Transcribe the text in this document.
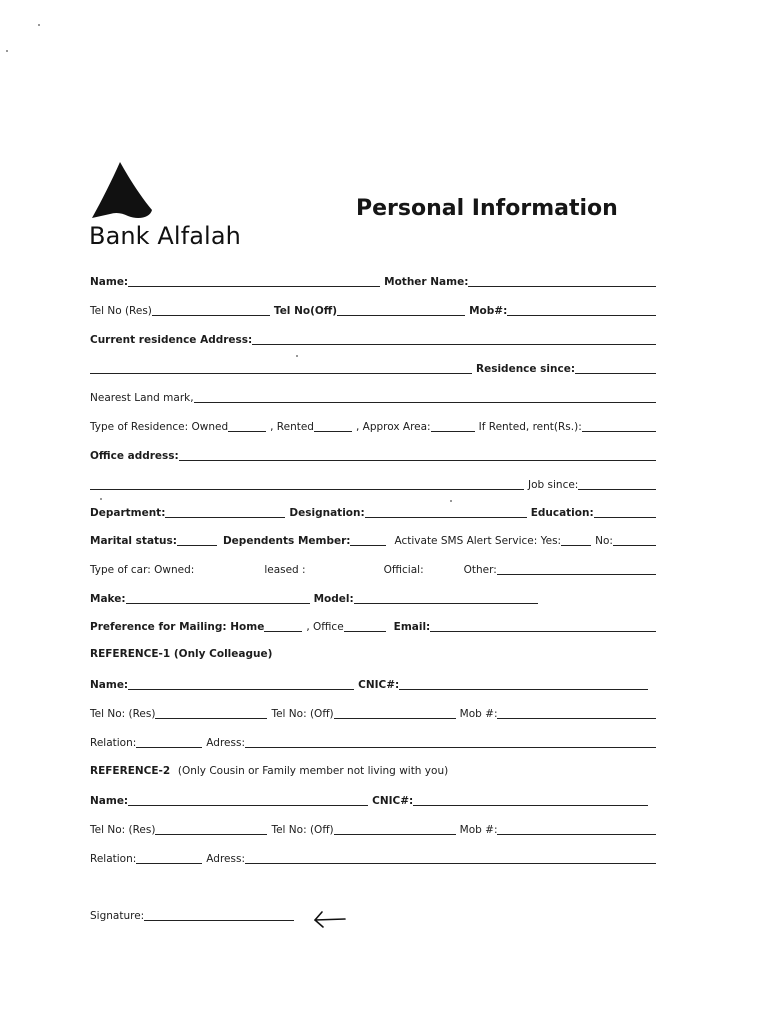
Bank Alfalah
Personal Information
Name:	Mother Name:
Tel No (Res)	Tel No(Off)	Mob#:
Current residence Address:
Residence since:
Nearest Land mark,
Type of Residence: Owned	, Rented	, Approx Area:	If Rented, rent(Rs.):
Office address:
Job since:
Department:	Designation:	Education:
Marital status:	Dependents Member:	Activate SMS Alert Service: Yes:	No:
Type of car: Owned:	leased :	Official:	Other:
Make:	Model:
Preference for Mailing: Home	, Office	Email:
REFERENCE-1 (Only Colleague)
Name:	CNIC#:
Tel No: (Res)	Tel No: (Off)	Mob #:
Relation:	Adress:
REFERENCE-2 (Only Cousin or Family member not living with you)
Name:	CNIC#:
Tel No: (Res)	Tel No: (Off)	Mob #:
Relation:	Adress:
Signature:
